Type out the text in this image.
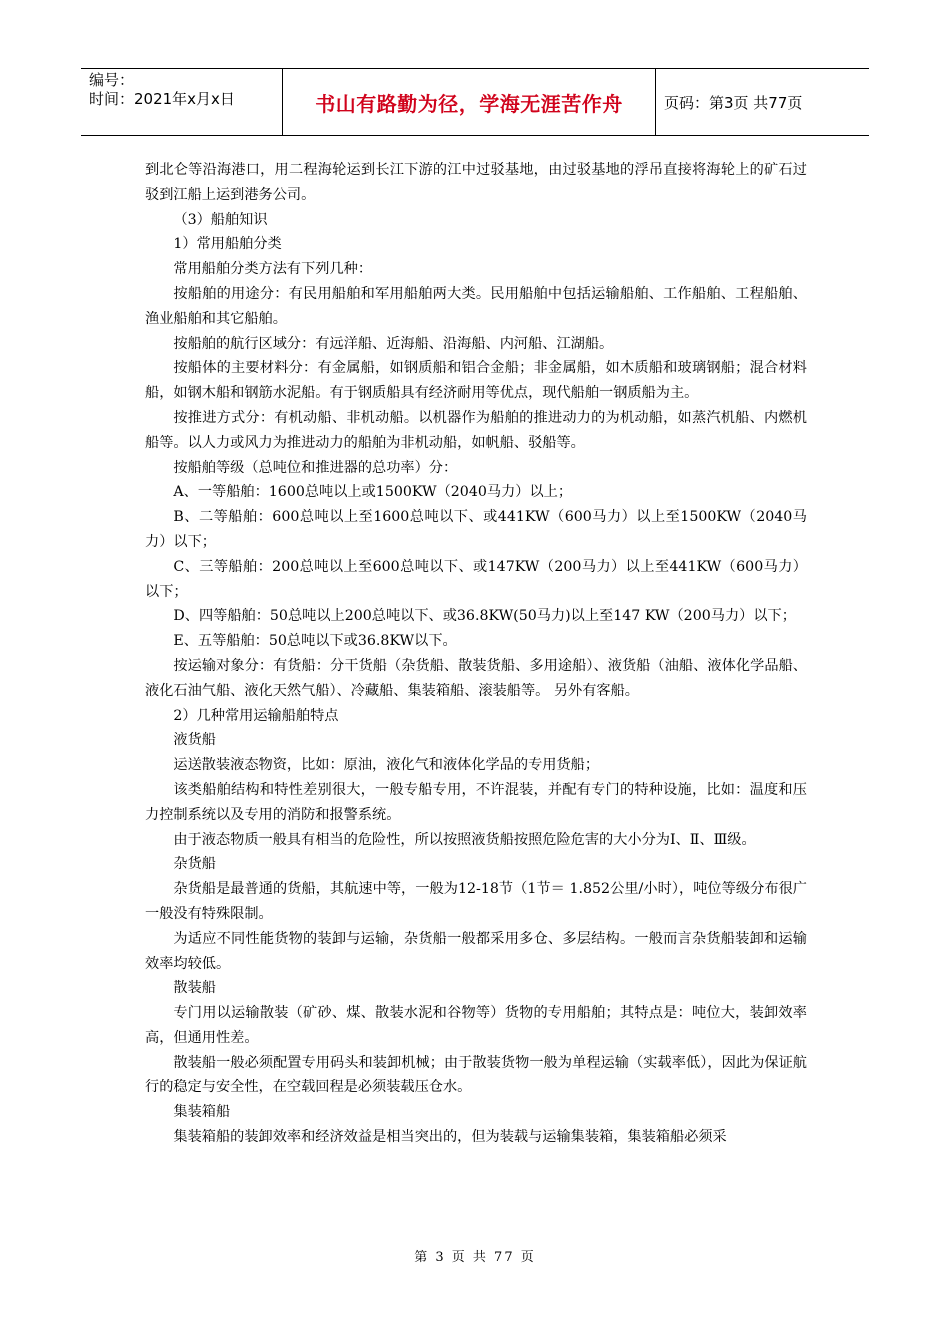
编号：
时间：2021年x月x日	书山有路勤为径，学海无涯苦作舟	页码：第3页 共77页

到北仑等沿海港口，用二程海轮运到长江下游的江中过驳基地，由过驳基地的浮吊直接将海轮上的矿石过驳到江船上运到港务公司。

（3）船舶知识

1）常用船舶分类

常用船舶分类方法有下列几种：

按船舶的用途分：有民用船舶和军用船舶两大类。民用船舶中包括运输船舶、工作船舶、工程船舶、渔业船舶和其它船舶。

按船舶的航行区域分：有远洋船、近海船、沿海船、内河船、江湖船。

按船体的主要材料分：有金属船，如钢质船和铝合金船；非金属船，如木质船和玻璃钢船；混合材料船，如钢木船和钢筋水泥船。有于钢质船具有经济耐用等优点，现代船舶一钢质船为主。

按推进方式分：有机动船、非机动船。以机器作为船舶的推进动力的为机动船，如蒸汽机船、内燃机船等。以人力或风力为推进动力的船舶为非机动船，如帆船、驳船等。

按船舶等级（总吨位和推进器的总功率）分：

A、一等船舶：1600总吨以上或1500KW（2040马力）以上；

B、二等船舶：600总吨以上至1600总吨以下、或441KW（600马力）以上至1500KW（2040马力）以下；

C、三等船舶：200总吨以上至600总吨以下、或147KW（200马力）以上至441KW（600马力）以下；

D、四等船舶：50总吨以上200总吨以下、或36.8KW(50马力)以上至147 KW（200马力）以下；

E、五等船舶：50总吨以下或36.8KW以下。

按运输对象分：有货船：分干货船（杂货船、散装货船、多用途船）、液货船（油船、液体化学品船、液化石油气船、液化天然气船）、冷藏船、集装箱船、滚装船等。 另外有客船。

2）几种常用运输船舶特点

液货船

运送散装液态物资，比如：原油，液化气和液体化学品的专用货船；

该类船舶结构和特性差别很大，一般专船专用，不许混装，并配有专门的特种设施，比如：温度和压力控制系统以及专用的消防和报警系统。

由于液态物质一般具有相当的危险性，所以按照液货船按照危险危害的大小分为Ⅰ、Ⅱ、Ⅲ级。

杂货船

杂货船是最普通的货船，其航速中等，一般为12-18节（1节＝ 1.852公里/小时），吨位等级分布很广一般没有特殊限制。

为适应不同性能货物的装卸与运输，杂货船一般都采用多仓、多层结构。一般而言杂货船装卸和运输效率均较低。

散装船

专门用以运输散装（矿砂、煤、散装水泥和谷物等）货物的专用船舶；其特点是：吨位大，装卸效率高，但通用性差。

散装船一般必须配置专用码头和装卸机械；由于散装货物一般为单程运输（实载率低），因此为保证航行的稳定与安全性，在空载回程是必须装载压仓水。

集装箱船

集装箱船的装卸效率和经济效益是相当突出的，但为装载与运输集装箱，集装箱船必须采

第 3 页 共 77 页
